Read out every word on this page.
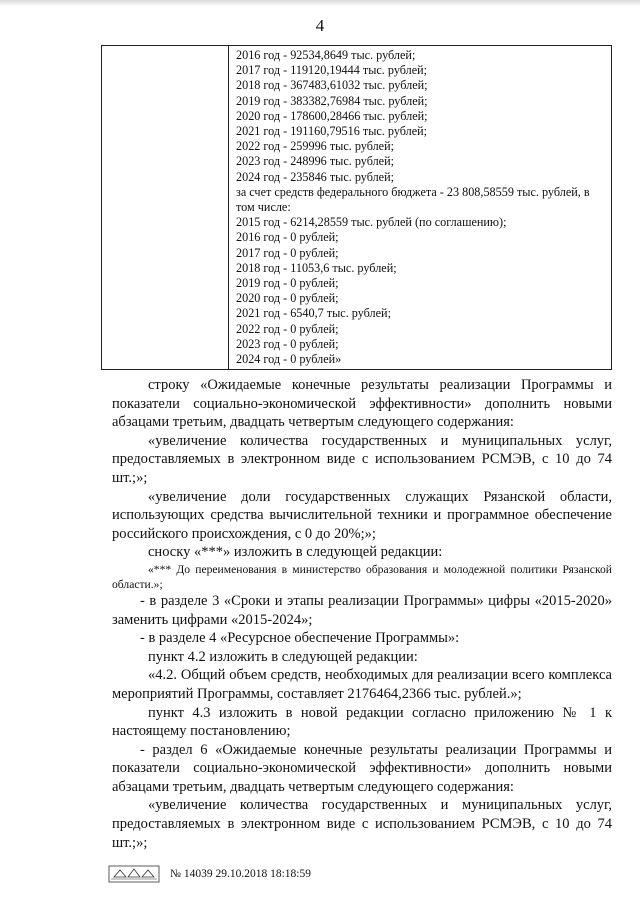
4

2016 год - 92534,8649 тыс. рублей;
2017 год - 119120,19444 тыс. рублей;
2018 год - 367483,61032 тыс. рублей;
2019 год - 383382,76984 тыс. рублей;
2020 год - 178600,28466 тыс. рублей;
2021 год - 191160,79516 тыс. рублей;
2022 год - 259996 тыс. рублей;
2023 год - 248996 тыс. рублей;
2024 год - 235846 тыс. рублей;
за счет средств федерального бюджета - 23 808,58559 тыс. рублей, в том числе:
2015 год - 6214,28559 тыс. рублей (по соглашению);
2016 год - 0 рублей;
2017 год - 0 рублей;
2018 год - 11053,6 тыс. рублей;
2019 год - 0 рублей;
2020 год - 0 рублей;
2021 год - 6540,7 тыс. рублей;
2022 год - 0 рублей;
2023 год - 0 рублей;
2024 год - 0 рублей»

строку «Ожидаемые конечные результаты реализации Программы и показатели социально-экономической эффективности» дополнить новыми абзацами третьим, двадцать четвертым следующего содержания:

«увеличение количества государственных и муниципальных услуг, предоставляемых в электронном виде с использованием РСМЭВ, с 10 до 74 шт.;»;

«увеличение доли государственных служащих Рязанской области, использующих средства вычислительной техники и программное обеспечение российского происхождения, с 0 до 20%;»;

сноску «***» изложить в следующей редакции:

«*** До переименования в министерство образования и молодежной политики Рязанской области.»;

- в разделе 3 «Сроки и этапы реализации Программы» цифры «2015-2020» заменить цифрами «2015-2024»;

- в разделе 4 «Ресурсное обеспечение Программы»:

пункт 4.2 изложить в следующей редакции:

«4.2. Общий объем средств, необходимых для реализации всего комплекса мероприятий Программы, составляет 2176464,2366 тыс. рублей.»;

пункт 4.3 изложить в новой редакции согласно приложению № 1 к настоящему постановлению;

- раздел 6 «Ожидаемые конечные результаты реализации Программы и показатели социально-экономической эффективности» дополнить новыми абзацами третьим, двадцать четвертым следующего содержания:

«увеличение количества государственных и муниципальных услуг, предоставляемых в электронном виде с использованием РСМЭВ, с 10 до 74 шт.;»;

№ 14039 29.10.2018 18:18:59
